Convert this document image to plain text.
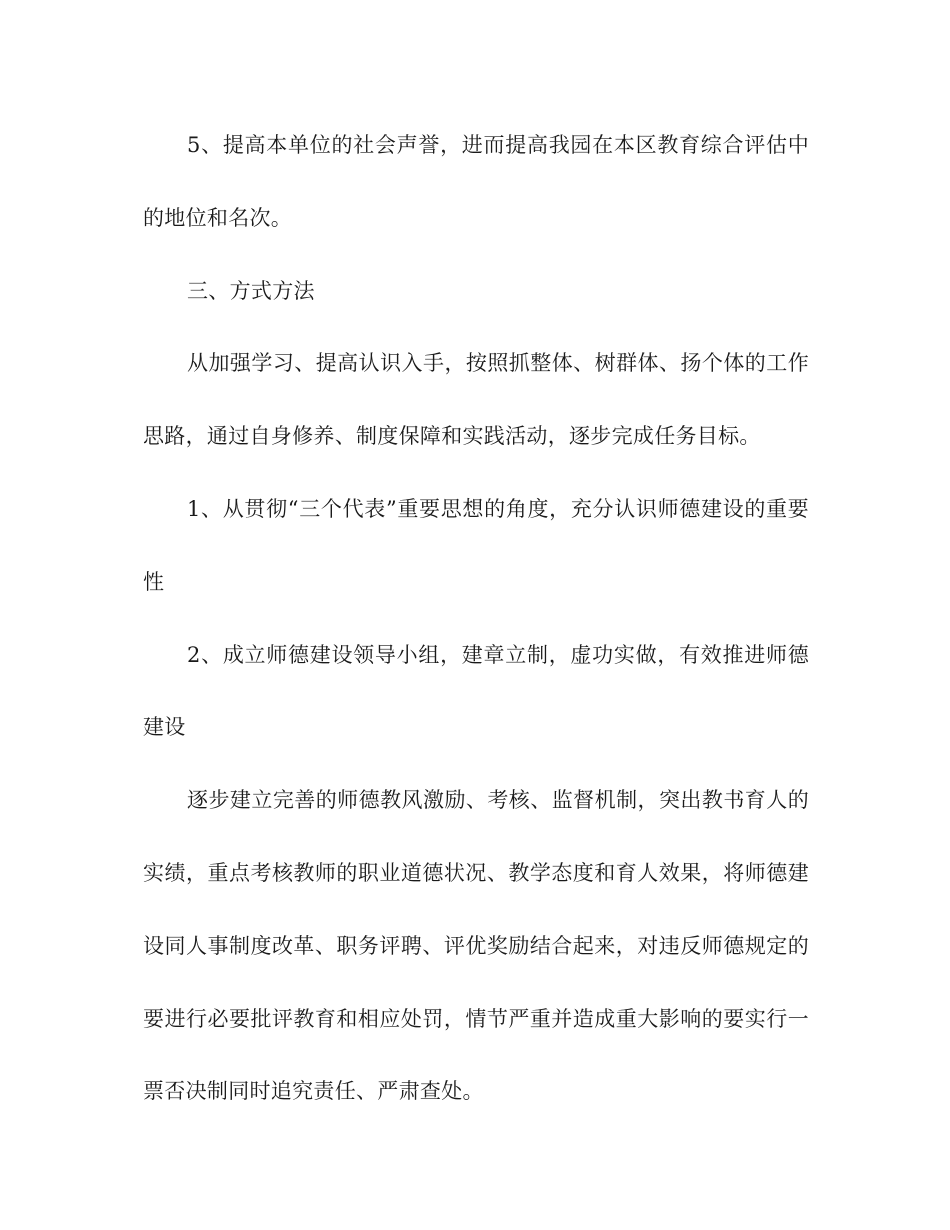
5、提高本单位的社会声誉，进而提高我园在本区教育综合评估中的地位和名次。

三、方式方法

从加强学习、提高认识入手，按照抓整体、树群体、扬个体的工作思路，通过自身修养、制度保障和实践活动，逐步完成任务目标。

1、从贯彻“三个代表”重要思想的角度，充分认识师德建设的重要性

2、成立师德建设领导小组，建章立制，虚功实做，有效推进师德建设

逐步建立完善的师德教风激励、考核、监督机制，突出教书育人的实绩，重点考核教师的职业道德状况、教学态度和育人效果，将师德建设同人事制度改革、职务评聘、评优奖励结合起来，对违反师德规定的要进行必要批评教育和相应处罚，情节严重并造成重大影响的要实行一票否决制同时追究责任、严肃查处。
